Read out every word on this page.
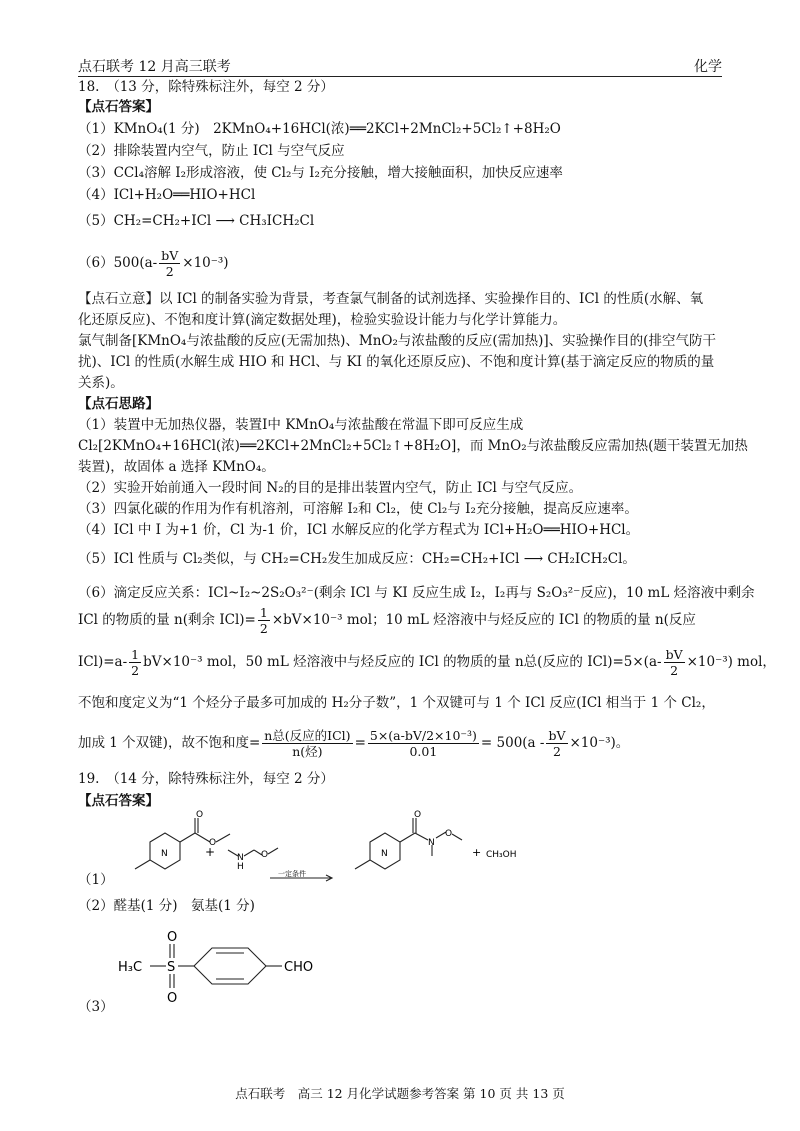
点石联考 12 月高三联考	化学
18.　（13 分，除特殊标注外，每空 2 分）
【点石答案】
（1）KMnO₄(1 分)　2KMnO₄+16HCl(浓)══2KCl+2MnCl₂+5Cl₂↑+8H₂O
（2）排除装置内空气，防止 ICl 与空气反应
（3）CCl₄溶解 I₂形成溶液，使 Cl₂与 I₂充分接触，增大接触面积，加快反应速率
（4）ICl+H₂O══HIO+HCl
（5）CH₂=CH₂+ICl ⟶ CH₃ICH₂Cl
$(6)500(a- \frac{bV}{2} \times 10^{-3})$
【点石立意】以 ICl 的制备实验为背景，考查氯气制备的试剂选择、实验操作目的、ICl 的性质(水解、氧
化还原反应)、不饱和度计算(滴定数据处理)，检验实验设计能力与化学计算能力。
氯气制备[KMnO₄与浓盐酸的反应(无需加热)、MnO₂与浓盐酸的反应(需加热)]、实验操作目的(排空气防干
扰)、ICl 的性质(水解生成 HIO 和 HCl、与 KI 的氧化还原反应)、不饱和度计算(基于滴定反应的物质的量
关系)。
【点石思路】
（1）装置中无加热仪器，装置Ⅰ中 KMnO₄与浓盐酸在常温下即可反应生成
Cl₂[2KMnO₄+16HCl(浓)══2KCl+2MnCl₂+5Cl₂↑+8H₂O]，而 MnO₂与浓盐酸反应需加热(题干装置无加热
装置)，故固体 a 选择 KMnO₄。
（2）实验开始前通入一段时间 N₂的目的是排出装置内空气，防止 ICl 与空气反应。
（3）四氯化碳的作用为作有机溶剂，可溶解 I₂和 Cl₂，使 Cl₂与 I₂充分接触，提高反应速率。
（4）ICl 中 I 为+1 价，Cl 为-1 价，ICl 水解反应的化学方程式为 ICl+H₂O══HIO+HCl。
（5）ICl 性质与 Cl₂类似，与 CH₂=CH₂发生加成反应：CH₂=CH₂+ICl ⟶ CH₂ICH₂Cl。
（6）滴定反应关系：ICl~I₂~2S₂O₃²⁻(剩余 ICl 与 KI 反应生成 I₂，I₂再与 S₂O₃²⁻反应)，10 mL 烃溶液中剩余
ICl 的物质的量 n(剩余 $ICl)= \frac{1}{2} \times bV\times 10^{-3}$ mol；10 mL 烃溶液中与烃反应的 ICl 的物质的量 n(反应
$ICl)=a- \frac{1}{2} bV\times 10^{-3}$ mol，50 mL 烃溶液中与烃反应的 ICl 的物质的量 n总(反应的 $ICl)=5\times(a- \frac{bV}{2} \times 10^{-3})$ mol，
不饱和度定义为“1 个烃分子最多可加成的 H₂分子数”，1 个双键可与 1 个 ICl 反应(ICl 相当于 1 个 Cl₂，
加成 1 个双键)，故不饱和度= $\frac{\text{n总(反应的ICl)}}{\text{n(烃)}} = \frac{\text{5×(a-bV/2×10⁻³)}}{0.01} = 500(a - \frac{bV}{2} \times 10^{-3})$。
19.　（14 分，除特殊标注外，每空 2 分）
【点石答案】
N
O
O
+ N
H
O
一定条件
N
O
N
O
+ CH₃OH
（1）
（2）醛基(1 分)　氨基(1 分)
H₃C S
O
O
CHO
（3）
点石联考　高三 12 月化学试题参考答案 第 10 页 共 13 页
